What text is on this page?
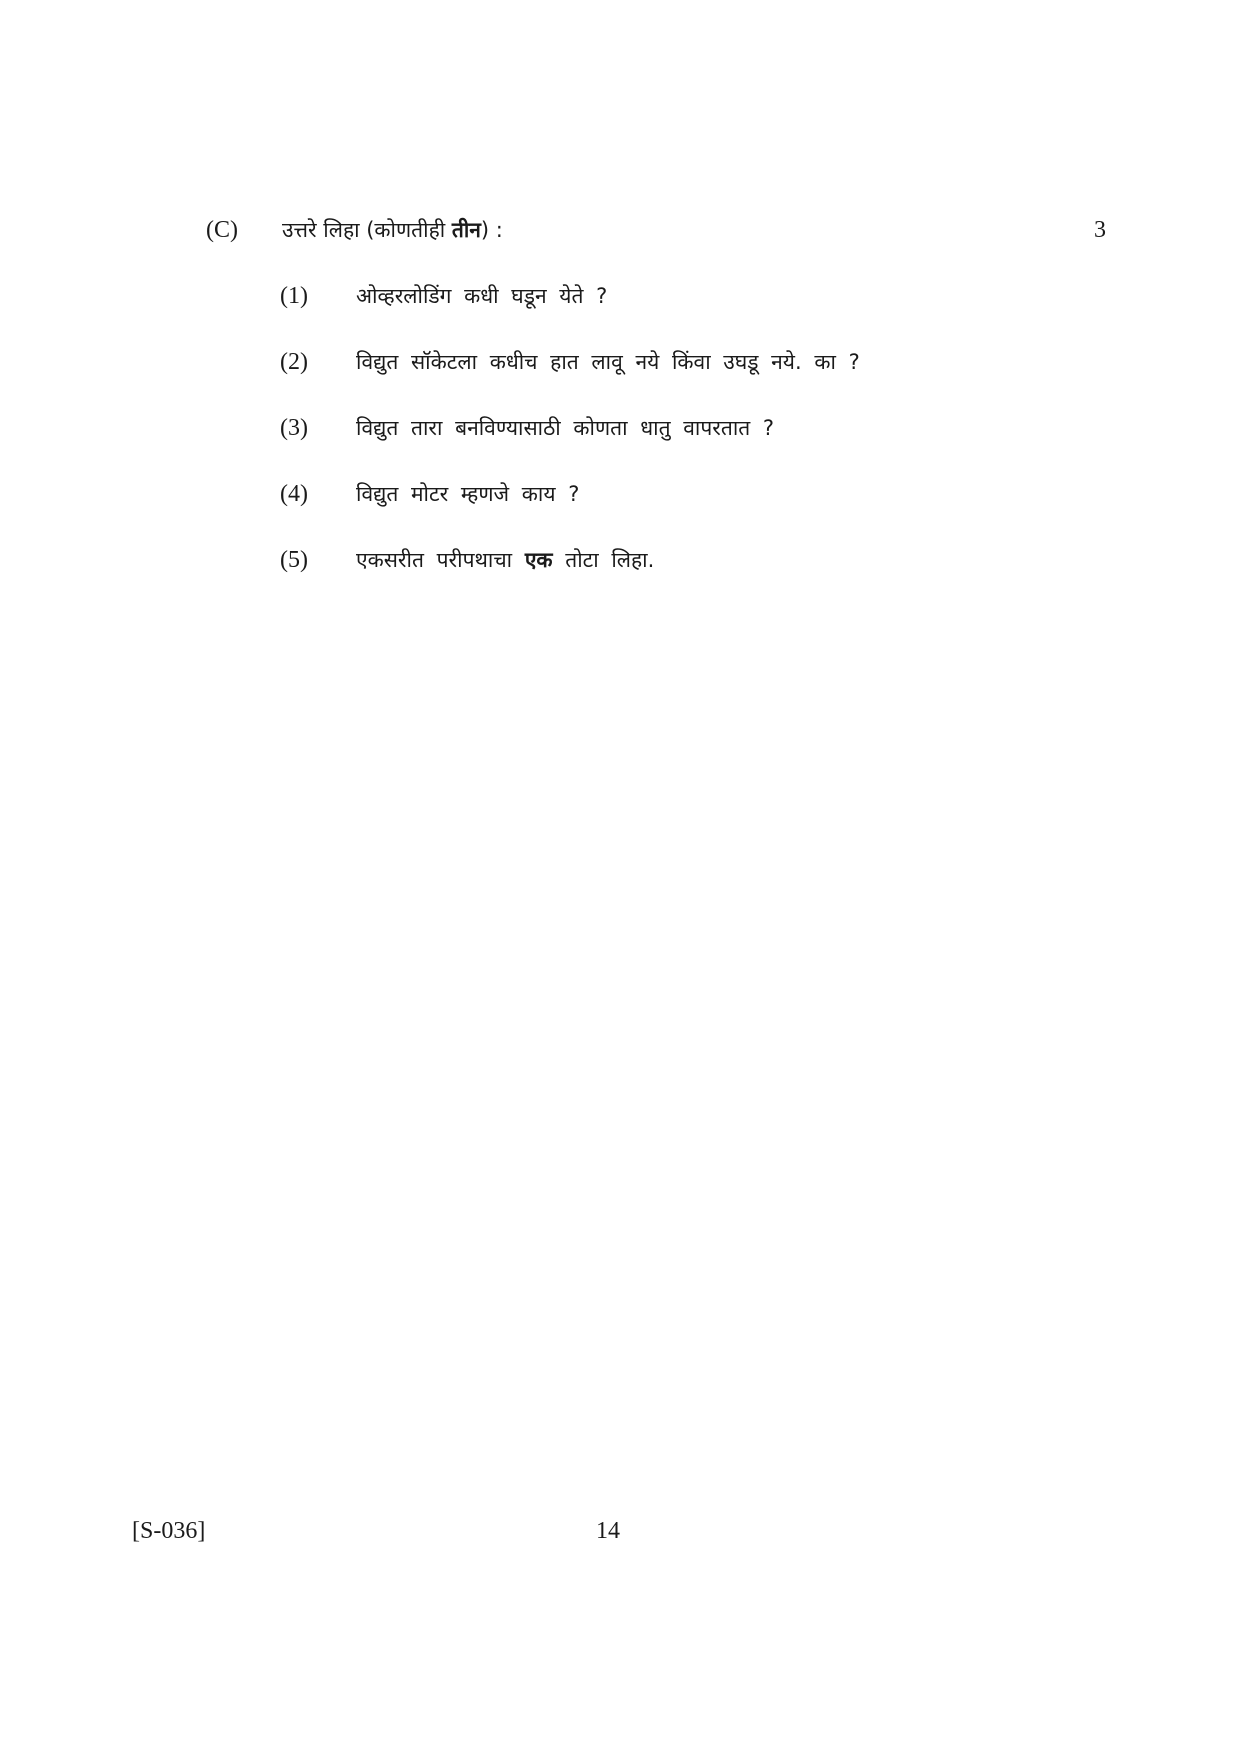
(C) उत्तरे लिहा (कोणतीही तीन) :	3
(1) ओव्हरलोडिंग कधी घडून येते ?
(2) विद्युत सॉकेटला कधीच हात लावू नये किंवा उघडू नये. का ?
(3) विद्युत तारा बनविण्यासाठी कोणता धातु वापरतात ?
(4) विद्युत मोटर म्हणजे काय ?
(5) एकसरीत परीपथाचा एक तोटा लिहा.
[S-036]	14
